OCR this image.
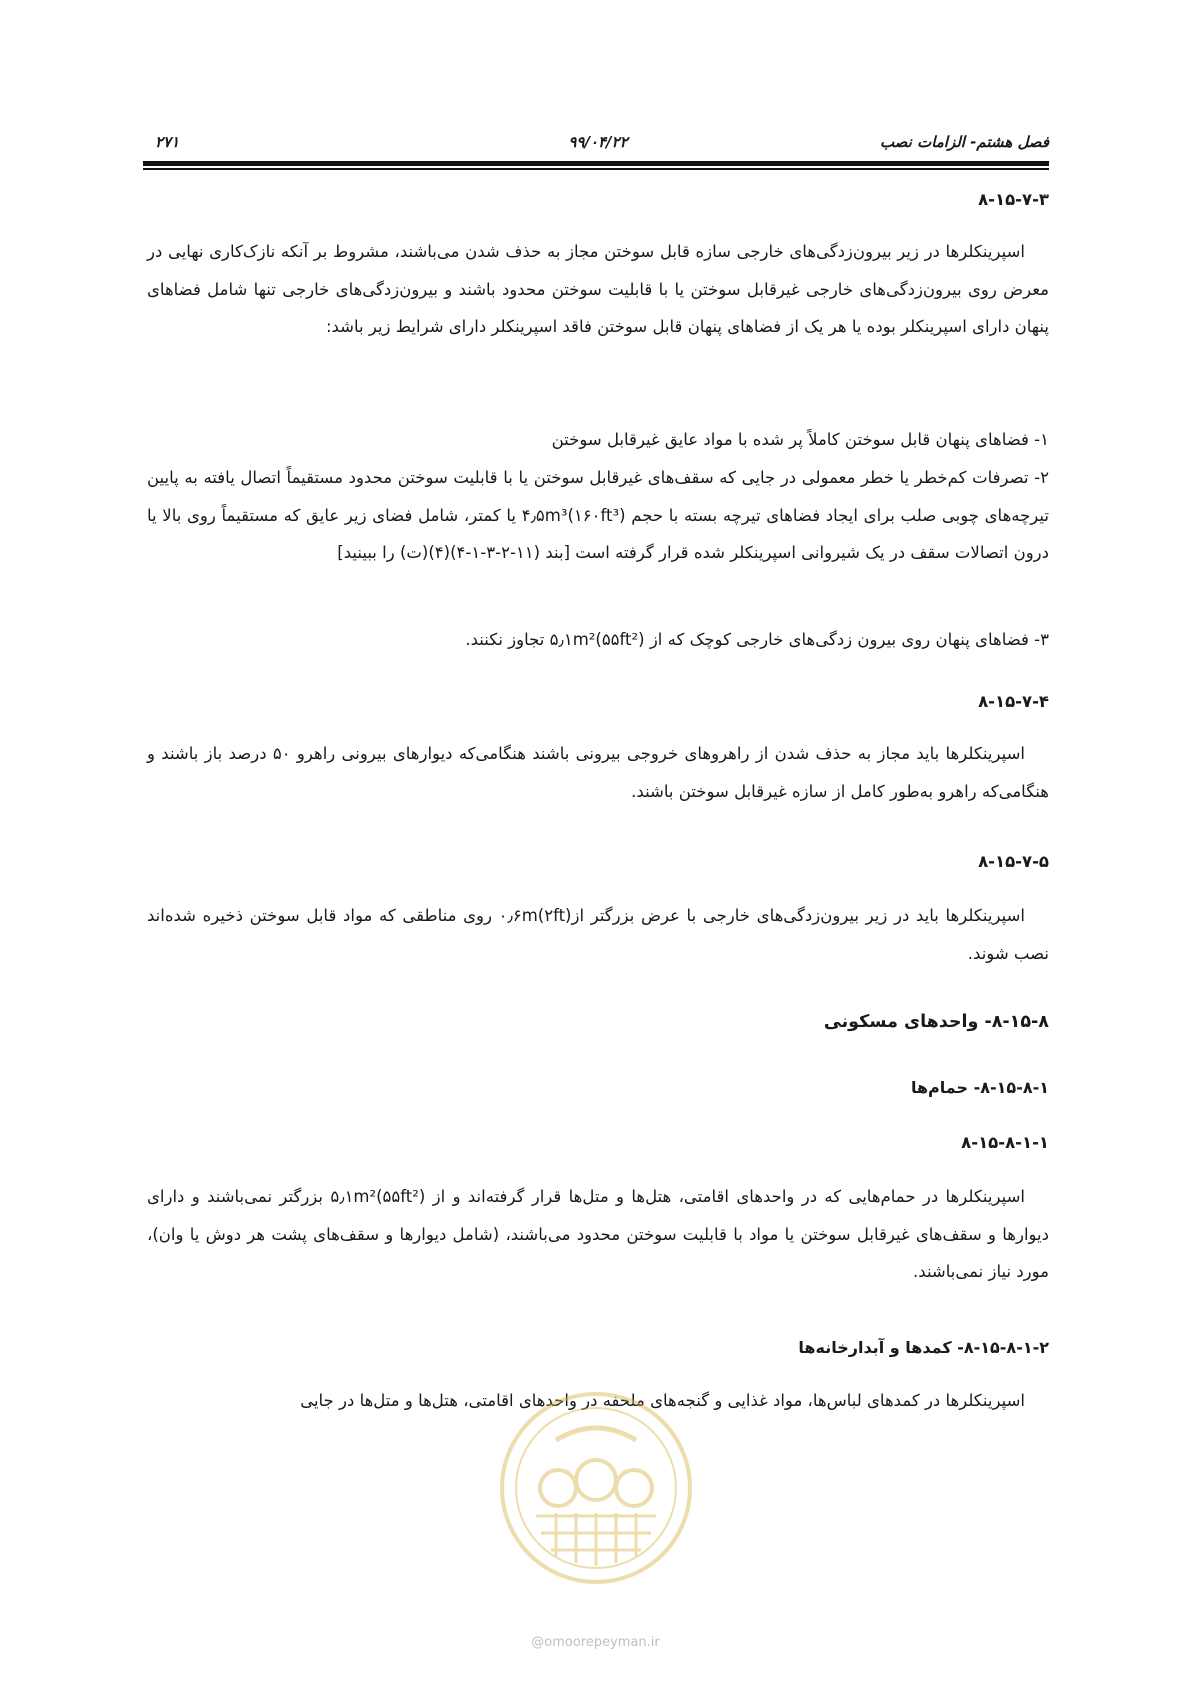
فصل هشتم- الزامات نصب
۹۹/۰۴/۲۲
۲۷۱
۸-۱۵-۷-۳
اسپرینکلرها در زیر بیرون‌زدگی‌های خارجی سازه قابل سوختن مجاز به حذف شدن می‌باشند، مشروط بر آنکه نازک‌کاری نهایی در معرض روی بیرون‌زدگی‌های خارجی غیرقابل سوختن یا با قابلیت سوختن محدود باشند و بیرون‌زدگی‌های خارجی تنها شامل فضاهای پنهان دارای اسپرینکلر بوده یا هر یک از فضاهای پنهان قابل سوختن فاقد اسپرینکلر دارای شرایط زیر باشد:
۱- فضاهای پنهان قابل سوختن کاملاً پر شده با مواد عایق غیرقابل سوختن
۲- تصرفات کم‌خطر یا خطر معمولی در جایی که سقف‌های غیرقابل سوختن یا با قابلیت سوختن محدود مستقیماً اتصال یافته به پایین تیرچه‌های چوبی صلب برای ایجاد فضاهای تیرچه بسته با حجم ۴٫۵m³(۱۶۰ft³) یا کمتر، شامل فضای زیر عایق که مستقیماً روی بالا یا درون اتصالات سقف در یک شیروانی اسپرینکلر شده قرار گرفته است [بند (۱۱-۲-۳-۱-۴)(۴)(ت) را ببینید]
۳- فضاهای پنهان روی بیرون زدگی‌های خارجی کوچک که از ۵٫۱m²(۵۵ft²) تجاوز نکنند.
۸-۱۵-۷-۴
اسپرینکلرها باید مجاز به حذف شدن از راهروهای خروجی بیرونی باشند هنگامی‌که دیوارهای بیرونی راهرو ۵۰ درصد باز باشند و هنگامی‌که راهرو به‌طور کامل از سازه غیرقابل سوختن باشند.
۸-۱۵-۷-۵
اسپرینکلرها باید در زیر بیرون‌زدگی‌های خارجی با عرض بزرگتر از۰٫۶m(۲ft) روی مناطقی که مواد قابل سوختن ذخیره شده‌اند نصب شوند.
۸-۱۵-۸- واحدهای مسکونی
۸-۱۵-۸-۱- حمام‌ها
۸-۱۵-۸-۱-۱
اسپرینکلرها در حمام‌هایی که در واحدهای اقامتی، هتل‌ها و متل‌ها قرار گرفته‌اند و از ۵٫۱m²(۵۵ft²) بزرگتر نمی‌باشند و دارای دیوارها و سقف‌های غیرقابل سوختن یا مواد با قابلیت سوختن محدود می‌باشند، (شامل دیوارها و سقف‌های پشت هر دوش یا وان)، مورد نیاز نمی‌باشند.
۸-۱۵-۸-۱-۲- کمدها و آبدارخانه‌ها
اسپرینکلرها در کمدهای لباس‌ها، مواد غذایی و گنجه‌های ملحفه در واحدهای اقامتی، هتل‌ها و متل‌ها در جایی
@omoorepeyman.ir
